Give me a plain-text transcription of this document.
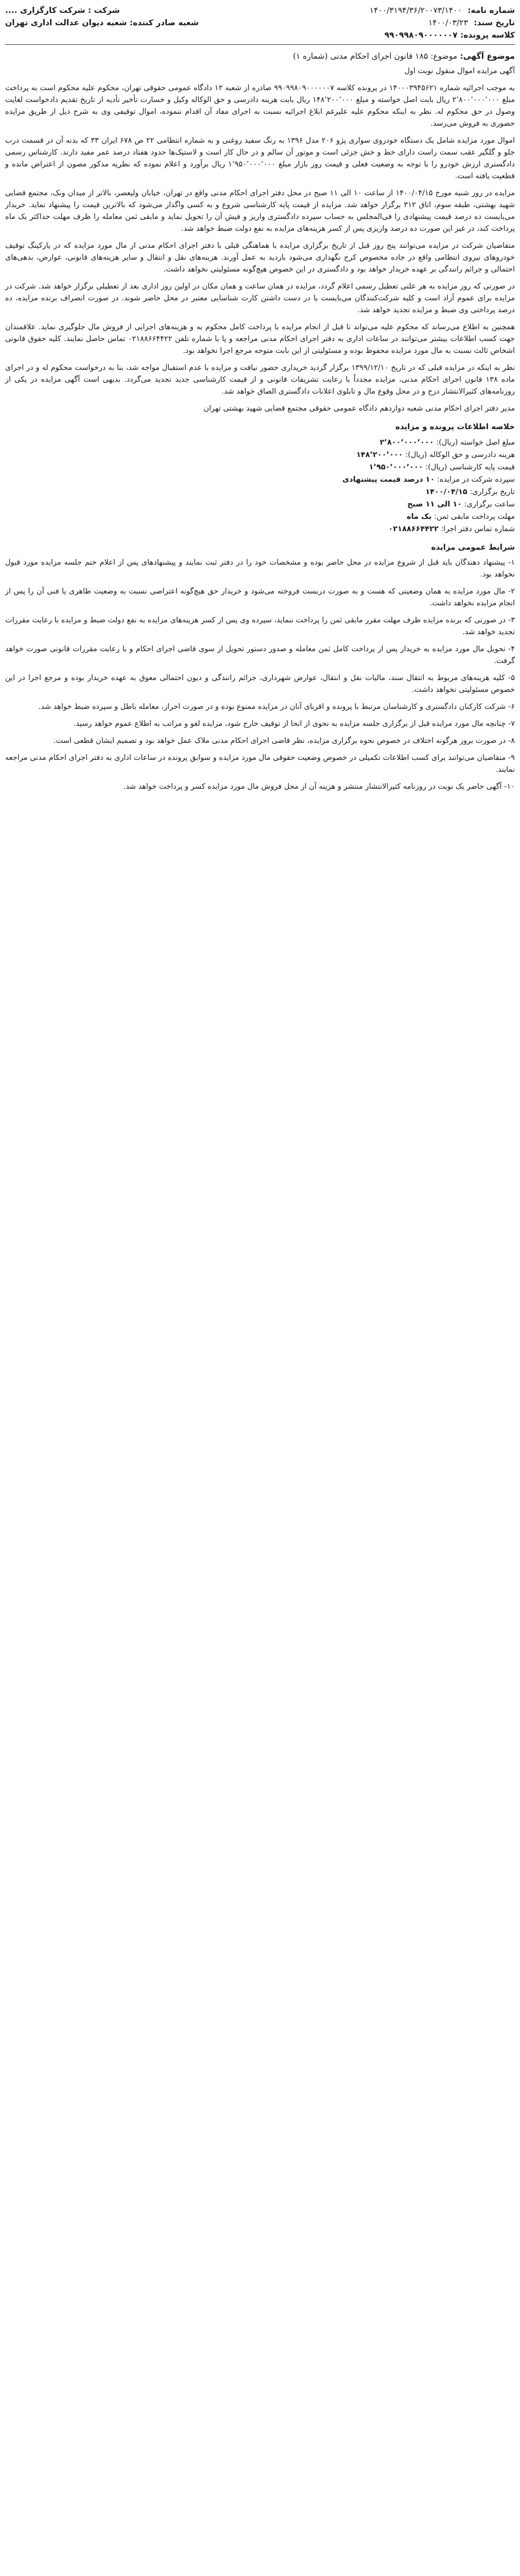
شماره نامه: ۱۴۰۰/۳۱۹۴/۳۶/۲۰۰۷۳/۱۴۰۰
شرکت : شرکت کارگزاری ....
تاریخ سند: ۱۴۰۰/۰۳/۲۳
شعبه صادر کننده: شعبه دیوان عدالت اداری تهران
کلاسه پرونده: ۹۹۰۹۹۸۰۹۰۰۰۰۰۰۷
موضوع آگهی: موضوع: ۱۸۵ قانون اجرای احکام مدنی (شماره ۱)

آگهی مزایده اموال منقول نوبت اول

به موجب اجرائیه شماره ۱۴۰۰۰۳۹۴۵۶۲۱ در پرونده کلاسه ۹۹۰۹۹۸۰۹۰۰۰۰۰۰۷ صادره از شعبه ۱۲ دادگاه عمومی حقوقی تهران، محکوم علیه محکوم است به پرداخت مبلغ ۲٬۸۰۰٬۰۰۰٬۰۰۰ ریال بابت اصل خواسته و مبلغ ۱۴۸٬۲۰۰٬۰۰۰ ریال بابت هزینه دادرسی و حق الوکاله وکیل و خسارت تأخیر تأدیه از تاریخ تقدیم دادخواست لغایت وصول در حق محکوم له. نظر به اینکه محکوم علیه علیرغم ابلاغ اجرائیه نسبت به اجرای مفاد آن اقدام ننموده، اموال توقیفی وی به شرح ذیل از طریق مزایده حضوری به فروش می‌رسد.

اموال مورد مزایده شامل یک دستگاه خودروی سواری پژو ۲۰۶ مدل ۱۳۹۶ به رنگ سفید روغنی و به شماره انتظامی ۲۲ ص ۶۷۸ ایران ۳۳ که بدنه آن در قسمت درب جلو و گلگیر عقب سمت راست دارای خط و خش جزئی است و موتور آن سالم و در حال کار است و لاستیک‌ها حدود هفتاد درصد عمر مفید دارند. کارشناس رسمی دادگستری ارزش خودرو را با توجه به وضعیت فعلی و قیمت روز بازار مبلغ ۱٬۹۵۰٬۰۰۰٬۰۰۰ ریال برآورد و اعلام نموده که نظریه مذکور مصون از اعتراض مانده و قطعیت یافته است.

مزایده در روز شنبه مورخ ۱۴۰۰/۰۴/۱۵ از ساعت ۱۰ الی ۱۱ صبح در محل دفتر اجرای احکام مدنی واقع در تهران، خیابان ولیعصر، بالاتر از میدان ونک، مجتمع قضایی شهید بهشتی، طبقه سوم، اتاق ۳۱۲ برگزار خواهد شد. مزایده از قیمت پایه کارشناسی شروع و به کسی واگذار می‌شود که بالاترین قیمت را پیشنهاد نماید. خریدار می‌بایست ده درصد قیمت پیشنهادی را فی‌المجلس به حساب سپرده دادگستری واریز و فیش آن را تحویل نماید و مابقی ثمن معامله را ظرف مهلت حداکثر یک ماه پرداخت کند، در غیر این صورت ده درصد واریزی پس از کسر هزینه‌های مزایده به نفع دولت ضبط خواهد شد.

متقاضیان شرکت در مزایده می‌توانند پنج روز قبل از تاریخ برگزاری مزایده با هماهنگی قبلی با دفتر اجرای احکام مدنی از مال مورد مزایده که در پارکینگ توقیف خودروهای نیروی انتظامی واقع در جاده مخصوص کرج نگهداری می‌شود بازدید به عمل آورند. هزینه‌های نقل و انتقال و سایر هزینه‌های قانونی، عوارض، بدهی‌های احتمالی و جرائم رانندگی بر عهده خریدار خواهد بود و دادگستری در این خصوص هیچ‌گونه مسئولیتی نخواهد داشت.

در صورتی که روز مزایده به هر علتی تعطیل رسمی اعلام گردد، مزایده در همان ساعت و همان مکان در اولین روز اداری بعد از تعطیلی برگزار خواهد شد. شرکت در مزایده برای عموم آزاد است و کلیه شرکت‌کنندگان می‌بایست با در دست داشتن کارت شناسایی معتبر در محل حاضر شوند. در صورت انصراف برنده مزایده، ده درصد پرداختی وی ضبط و مزایده تجدید خواهد شد.

همچنین به اطلاع می‌رساند که محکوم علیه می‌تواند تا قبل از انجام مزایده با پرداخت کامل محکوم به و هزینه‌های اجرایی از فروش مال جلوگیری نماید. علاقمندان جهت کسب اطلاعات بیشتر می‌توانند در ساعات اداری به دفتر اجرای احکام مدنی مراجعه و یا با شماره تلفن ۰۲۱۸۸۶۶۴۴۲۲ تماس حاصل نمایند. کلیه حقوق قانونی اشخاص ثالث نسبت به مال مورد مزایده محفوظ بوده و مسئولیتی از این بابت متوجه مرجع اجرا نخواهد بود.

نظر به اینکه در مزایده قبلی که در تاریخ ۱۳۹۹/۱۲/۱۰ برگزار گردید خریداری حضور نیافت و مزایده با عدم استقبال مواجه شد، بنا به درخواست محکوم له و در اجرای ماده ۱۳۸ قانون اجرای احکام مدنی، مزایده مجدداً با رعایت تشریفات قانونی و از قیمت کارشناسی جدید تجدید می‌گردد. بدیهی است آگهی مزایده در یکی از روزنامه‌های کثیرالانتشار درج و در محل وقوع مال و تابلوی اعلانات دادگستری الصاق خواهد شد.

مدیر دفتر اجرای احکام مدنی شعبه دوازدهم دادگاه عمومی حقوقی مجتمع قضایی شهید بهشتی تهران

خلاصه اطلاعات پرونده و مزایده
مبلغ اصل خواسته (ریال): ۲٬۸۰۰٬۰۰۰٬۰۰۰
هزینه دادرسی و حق الوکاله (ریال): ۱۴۸٬۲۰۰٬۰۰۰
قیمت پایه کارشناسی (ریال): ۱٬۹۵۰٬۰۰۰٬۰۰۰
سپرده شرکت در مزایده: ۱۰ درصد قیمت پیشنهادی
تاریخ برگزاری: ۱۴۰۰/۰۴/۱۵
ساعت برگزاری: ۱۰ الی ۱۱ صبح
مهلت پرداخت مابقی ثمن: یک ماه
شماره تماس دفتر اجرا: ۰۲۱۸۸۶۶۴۴۲۲
شرایط عمومی مزایده

۱- پیشنهاد دهندگان باید قبل از شروع مزایده در محل حاضر بوده و مشخصات خود را در دفتر ثبت نمایند و پیشنهادهای پس از اعلام ختم جلسه مزایده مورد قبول نخواهد بود.

۲- مال مورد مزایده به همان وضعیتی که هست و به صورت دربست فروخته می‌شود و خریدار حق هیچ‌گونه اعتراضی نسبت به وضعیت ظاهری یا فنی آن را پس از انجام مزایده نخواهد داشت.

۳- در صورتی که برنده مزایده ظرف مهلت مقرر مابقی ثمن را پرداخت ننماید، سپرده وی پس از کسر هزینه‌های مزایده به نفع دولت ضبط و مزایده با رعایت مقررات تجدید خواهد شد.

۴- تحویل مال مورد مزایده به خریدار پس از پرداخت کامل ثمن معامله و صدور دستور تحویل از سوی قاضی اجرای احکام و با رعایت مقررات قانونی صورت خواهد گرفت.

۵- کلیه هزینه‌های مربوط به انتقال سند، مالیات نقل و انتقال، عوارض شهرداری، جرائم رانندگی و دیون احتمالی معوق به عهده خریدار بوده و مرجع اجرا در این خصوص مسئولیتی نخواهد داشت.

۶- شرکت کارکنان دادگستری و کارشناسان مرتبط با پرونده و اقربای آنان در مزایده ممنوع بوده و در صورت احراز، معامله باطل و سپرده ضبط خواهد شد.

۷- چنانچه مال مورد مزایده قبل از برگزاری جلسه مزایده به نحوی از انحا از توقیف خارج شود، مزایده لغو و مراتب به اطلاع عموم خواهد رسید.

۸- در صورت بروز هرگونه اختلاف در خصوص نحوه برگزاری مزایده، نظر قاضی اجرای احکام مدنی ملاک عمل خواهد بود و تصمیم ایشان قطعی است.

۹- متقاضیان می‌توانند برای کسب اطلاعات تکمیلی در خصوص وضعیت حقوقی مال مورد مزایده و سوابق پرونده در ساعات اداری به دفتر اجرای احکام مدنی مراجعه نمایند.

۱۰- آگهی حاضر یک نوبت در روزنامه کثیرالانتشار منتشر و هزینه آن از محل فروش مال مورد مزایده کسر و پرداخت خواهد شد.
